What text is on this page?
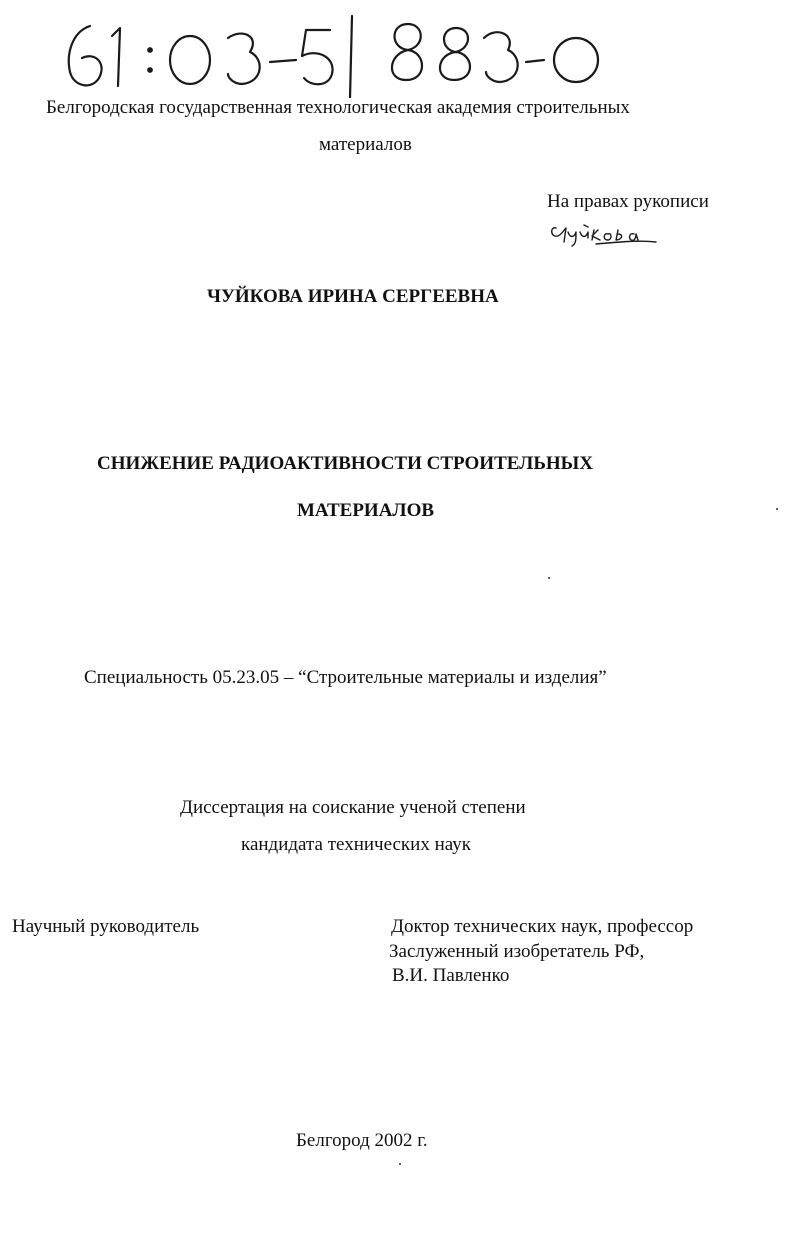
Белгородская государственная технологическая академия строительных
материалов
На правах рукописи
ЧУЙКОВА ИРИНА СЕРГЕЕВНА
СНИЖЕНИЕ РАДИОАКТИВНОСТИ СТРОИТЕЛЬНЫХ
МАТЕРИАЛОВ
Специальность 05.23.05 – “Строительные материалы и изделия”
Диссертация на соискание ученой степени
кандидата технических наук
Научный руководитель	Доктор технических наук, профессор
Заслуженный изобретатель РФ,
В.И. Павленко
Белгород 2002 г.
